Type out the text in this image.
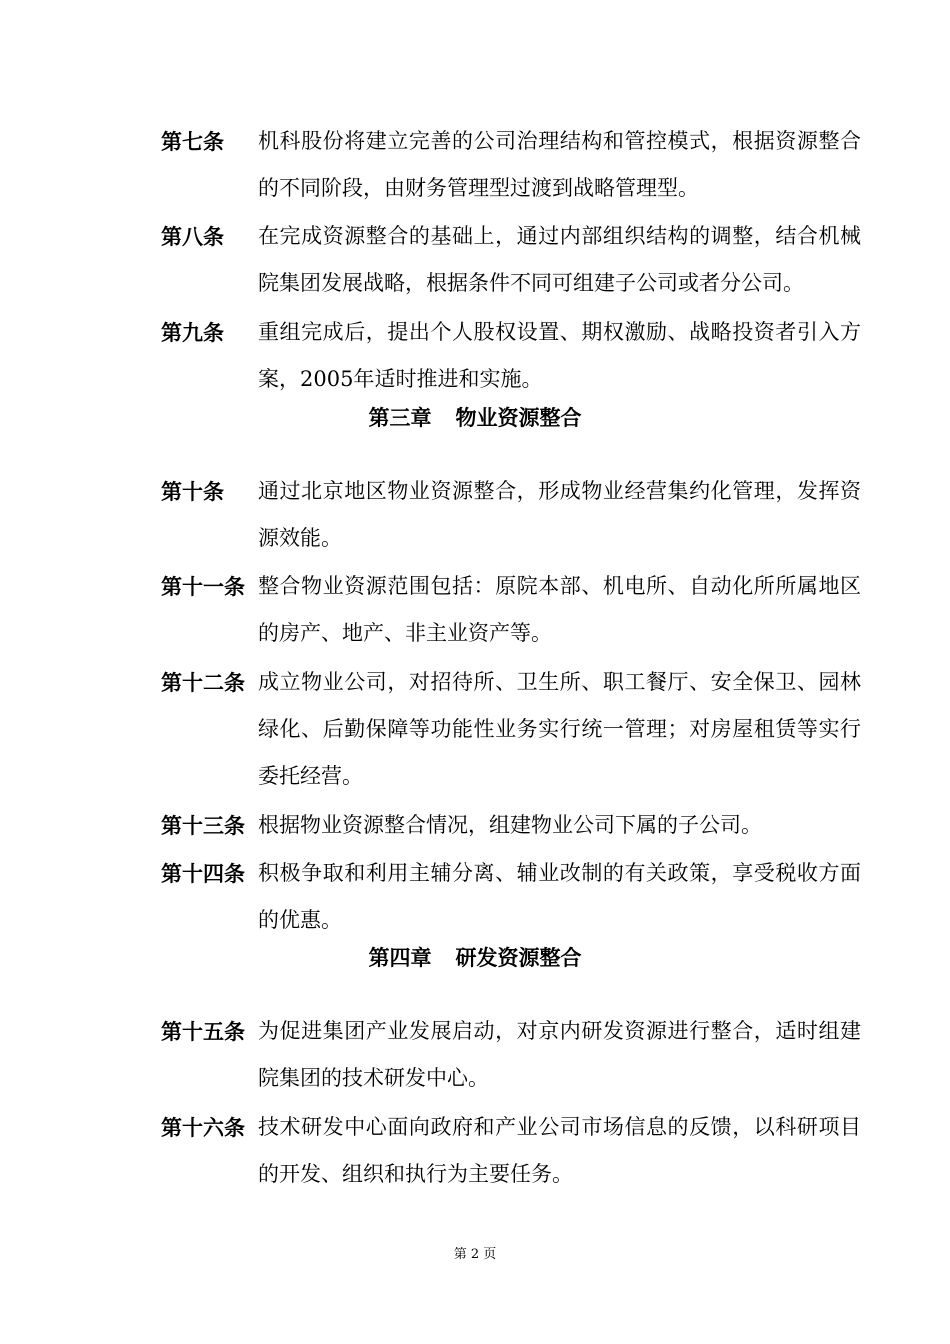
第七条 机科股份将建立完善的公司治理结构和管控模式，根据资源整合的不同阶段，由财务管理型过渡到战略管理型。
第八条 在完成资源整合的基础上，通过内部组织结构的调整，结合机械院集团发展战略，根据条件不同可组建子公司或者分公司。
第九条 重组完成后，提出个人股权设置、期权激励、战略投资者引入方案，2005年适时推进和实施。
第三章 物业资源整合
第十条 通过北京地区物业资源整合，形成物业经营集约化管理，发挥资源效能。
第十一条 整合物业资源范围包括：原院本部、机电所、自动化所所属地区的房产、地产、非主业资产等。
第十二条 成立物业公司，对招待所、卫生所、职工餐厅、安全保卫、园林绿化、后勤保障等功能性业务实行统一管理；对房屋租赁等实行委托经营。
第十三条 根据物业资源整合情况，组建物业公司下属的子公司。
第十四条 积极争取和利用主辅分离、辅业改制的有关政策，享受税收方面的优惠。
第四章 研发资源整合
第十五条 为促进集团产业发展启动，对京内研发资源进行整合，适时组建院集团的技术研发中心。
第十六条 技术研发中心面向政府和产业公司市场信息的反馈，以科研项目的开发、组织和执行为主要任务。
第 2 页
